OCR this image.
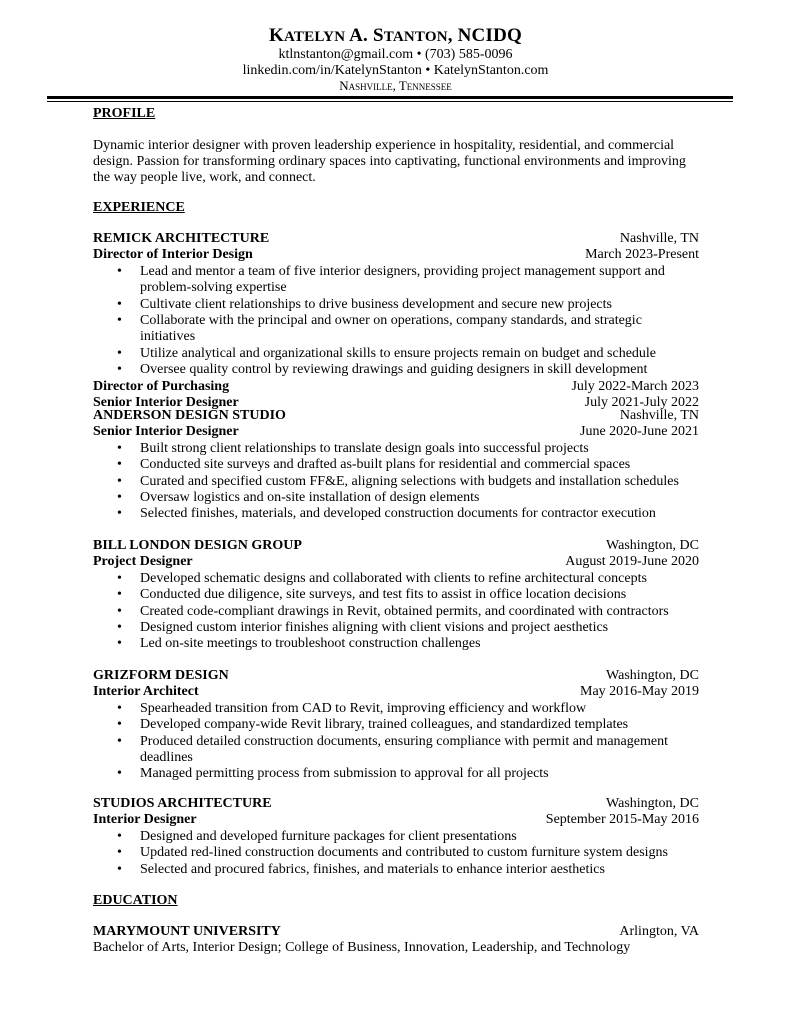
KATELYN A. STANTON, NCIDQ
ktlnstanton@gmail.com • (703) 585-0096
linkedin.com/in/KatelynStanton • KatelynStanton.com
Nashville, Tennessee
PROFILE
Dynamic interior designer with proven leadership experience in hospitality, residential, and commercial design. Passion for transforming ordinary spaces into captivating, functional environments and improving the way people live, work, and connect.
EXPERIENCE
REMICK ARCHITECTURE	Nashville, TN
Director of Interior Design	March 2023-Present
• Lead and mentor a team of five interior designers, providing project management support and problem-solving expertise
• Cultivate client relationships to drive business development and secure new projects
• Collaborate with the principal and owner on operations, company standards, and strategic initiatives
• Utilize analytical and organizational skills to ensure projects remain on budget and schedule
• Oversee quality control by reviewing drawings and guiding designers in skill development
Director of Purchasing	July 2022-March 2023
Senior Interior Designer	July 2021-July 2022
ANDERSON DESIGN STUDIO	Nashville, TN
Senior Interior Designer	June 2020-June 2021
• Built strong client relationships to translate design goals into successful projects
• Conducted site surveys and drafted as-built plans for residential and commercial spaces
• Curated and specified custom FF&E, aligning selections with budgets and installation schedules
• Oversaw logistics and on-site installation of design elements
• Selected finishes, materials, and developed construction documents for contractor execution
BILL LONDON DESIGN GROUP	Washington, DC
Project Designer	August 2019-June 2020
• Developed schematic designs and collaborated with clients to refine architectural concepts
• Conducted due diligence, site surveys, and test fits to assist in office location decisions
• Created code-compliant drawings in Revit, obtained permits, and coordinated with contractors
• Designed custom interior finishes aligning with client visions and project aesthetics
• Led on-site meetings to troubleshoot construction challenges
GRIZFORM DESIGN	Washington, DC
Interior Architect	May 2016-May 2019
• Spearheaded transition from CAD to Revit, improving efficiency and workflow
• Developed company-wide Revit library, trained colleagues, and standardized templates
• Produced detailed construction documents, ensuring compliance with permit and management deadlines
• Managed permitting process from submission to approval for all projects
STUDIOS ARCHITECTURE	Washington, DC
Interior Designer	September 2015-May 2016
• Designed and developed furniture packages for client presentations
• Updated red-lined construction documents and contributed to custom furniture system designs
• Selected and procured fabrics, finishes, and materials to enhance interior aesthetics
EDUCATION
MARYMOUNT UNIVERSITY	Arlington, VA
Bachelor of Arts, Interior Design; College of Business, Innovation, Leadership, and Technology
